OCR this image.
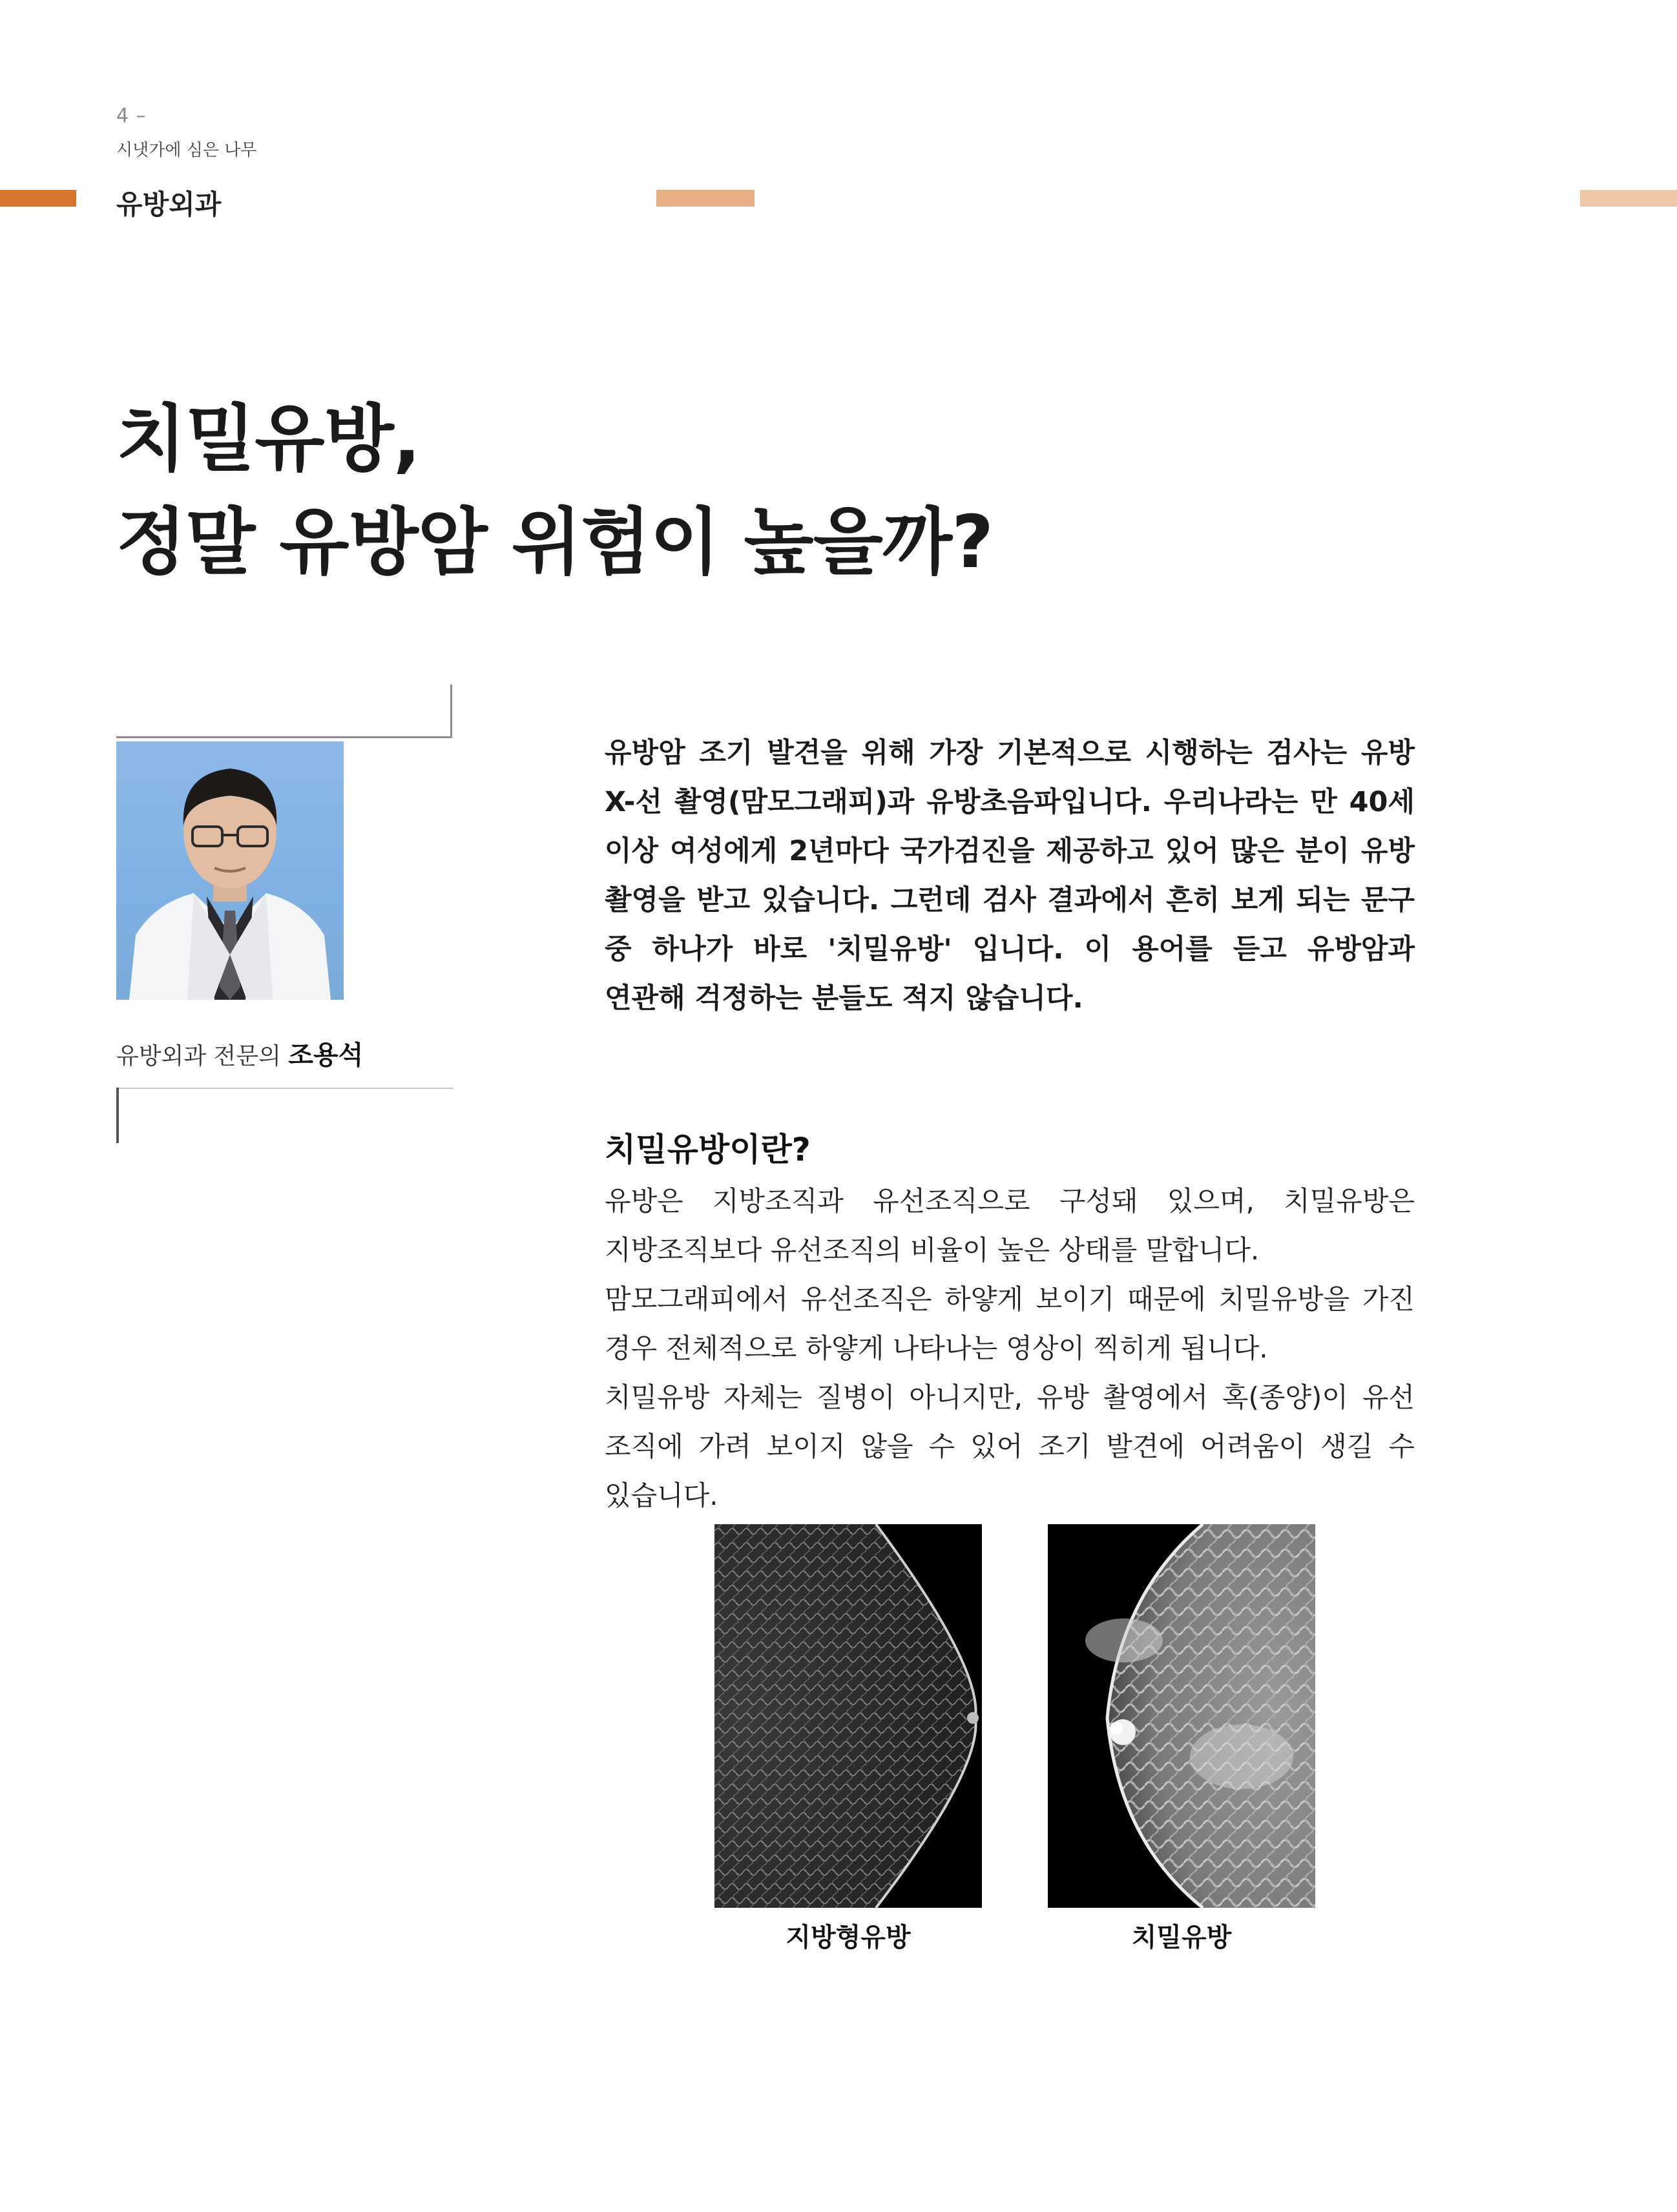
4 –
시냇가에 심은 나무
유방외과
치밀유방,
정말 유방암 위험이 높을까?
유방외과 전문의 조용석
유방암 조기 발견을 위해 가장 기본적으로 시행하는 검사는 유방 X-선 촬영(맘모그래피)과 유방초음파입니다. 우리나라는 만 40세 이상 여성에게 2년마다 국가검진을 제공하고 있어 많은 분이 유방 촬영을 받고 있습니다. 그런데 검사 결과에서 흔히 보게 되는 문구 중 하나가 바로 '치밀유방' 입니다. 이 용어를 듣고 유방암과 연관해 걱정하는 분들도 적지 않습니다.
치밀유방이란?

유방은 지방조직과 유선조직으로 구성돼 있으며, 치밀유방은 지방조직보다 유선조직의 비율이 높은 상태를 말합니다.

맘모그래피에서 유선조직은 하얗게 보이기 때문에 치밀유방을 가진 경우 전체적으로 하얗게 나타나는 영상이 찍히게 됩니다.

치밀유방 자체는 질병이 아니지만, 유방 촬영에서 혹(종양)이 유선 조직에 가려 보이지 않을 수 있어 조기 발견에 어려움이 생길 수 있습니다.

지방형유방	치밀유방
